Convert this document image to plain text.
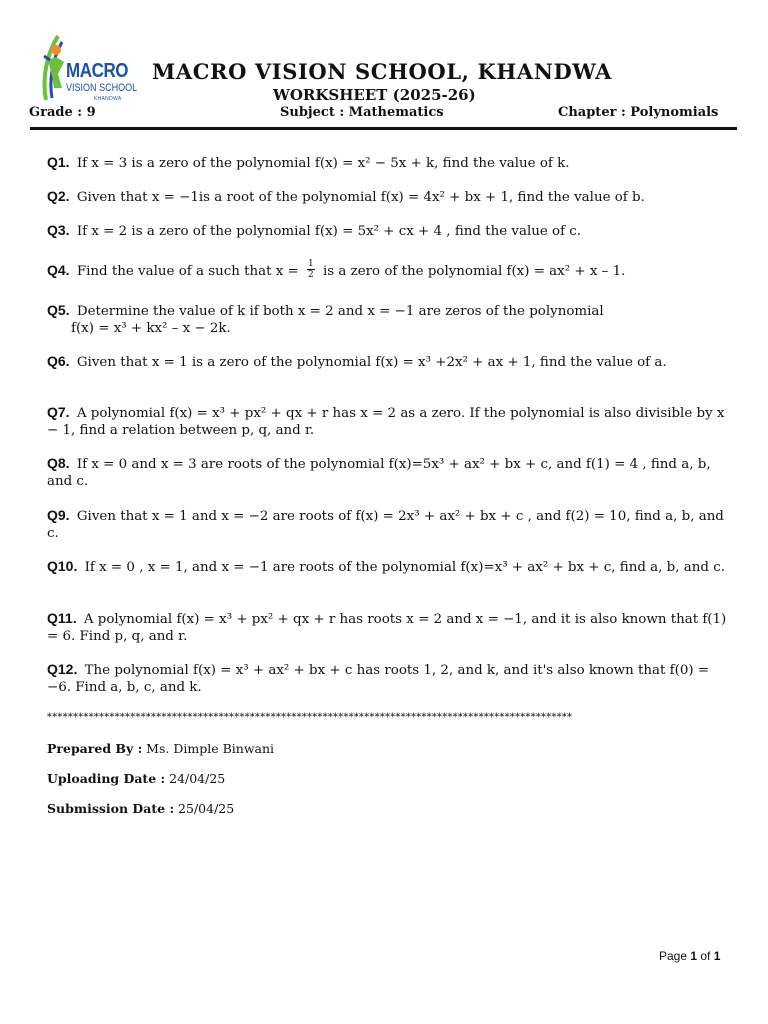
MACRO
VISION SCHOOL
KHANDWA
MACRO VISION SCHOOL, KHANDWA
WORKSHEET (2025-26)
Grade : 9	Subject : Mathematics	Chapter : Polynomials
Q1. If x = 3 is a zero of the polynomial f(x) = x² − 5x + k, find the value of k.
Q2. Given that x = −1is a root of the polynomial f(x) = 4x² + bx + 1, find the value of b.
Q3. If x = 2 is a zero of the polynomial f(x) = 5x² + cx + 4 , find the value of c.
Q4. Find the value of a such that $x = \frac{1}{2}$ is a zero of the polynomial f(x) = ax² + x – 1.
Q5. Determine the value of k if both x = 2 and x = −1 are zeros of the polynomial
f(x) = x³ + kx² – x − 2k.
Q6. Given that x = 1 is a zero of the polynomial f(x) = x³ +2x² + ax + 1, find the value of a.
Q7. A polynomial f(x) = x³ + px² + qx + r has x = 2 as a zero. If the polynomial is also divisible by x − 1, find a relation between p, q, and r.
Q8. If x = 0 and x = 3 are roots of the polynomial f(x)=5x³ + ax² + bx + c, and f(1) = 4 , find a, b, and c.
Q9. Given that x = 1 and x = −2 are roots of f(x) = 2x³ + ax² + bx + c , and f(2) = 10, find a, b, and c.
Q10. If x = 0 , x = 1, and x = −1 are roots of the polynomial f(x)=x³ + ax² + bx + c, find a, b, and c.
Q11. A polynomial f(x) = x³ + px² + qx + r has roots x = 2 and x = −1, and it is also known that f(1) = 6. Find p, q, and r.
Q12. The polynomial f(x) = x³ + ax² + bx + c has roots 1, 2, and k, and it's also known that f(0) = −6. Find a, b, c, and k.
*****************************************************************************************************
Prepared By : Ms. Dimple Binwani
Uploading Date : 24/04/25
Submission Date : 25/04/25
Page 1 of 1
